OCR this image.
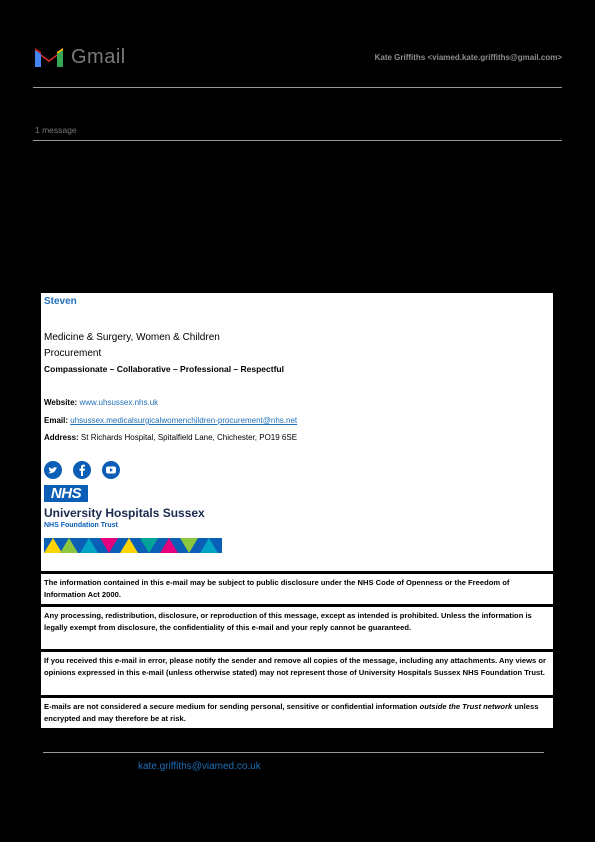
Gmail	Kate Griffiths <viamed.kate.griffiths@gmail.com>
1 message
Steven
Medicine & Surgery, Women & Children
Procurement
Compassionate – Collaborative – Professional – Respectful
Website: www.uhsussex.nhs.uk
Email: uhsussex.medicalsurgicalwomenchildren-procurement@nhs.net
Address: St Richards Hospital, Spitalfield Lane, Chichester, PO19 6SE
NHS
University Hospitals Sussex
NHS Foundation Trust
The information contained in this e-mail may be subject to public disclosure under the NHS Code of Openness or the Freedom of Information Act 2000.
Any processing, redistribution, disclosure, or reproduction of this message, except as intended is prohibited. Unless the information is legally exempt from disclosure, the confidentiality of this e-mail and your reply cannot be guaranteed.
If you received this e-mail in error, please notify the sender and remove all copies of the message, including any attachments. Any views or opinions expressed in this e-mail (unless otherwise stated) may not represent those of University Hospitals Sussex NHS Foundation Trust.
E-mails are not considered a secure medium for sending personal, sensitive or confidential information outside the Trust network unless encrypted and may therefore be at risk.
kate.griffiths@viamed.co.uk
